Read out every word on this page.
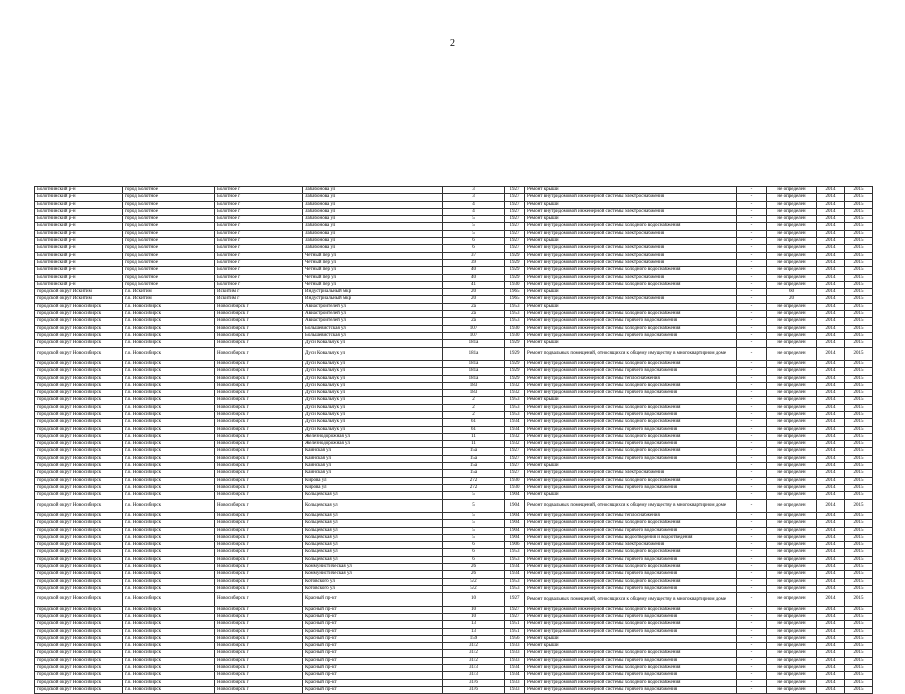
2
Болотнинский р-н	город Болотное	Болотное г	Забабонова ул	3	1927	Ремонт крыши	-	не определен	2014	2015
Болотнинский р-н	город Болотное	Болотное г	Забабонова ул	3	1927	Ремонт внутридомовой инженерной системы электроснабжения	-	не определен	2014	2015
Болотнинский р-н	город Болотное	Болотное г	Забабонова ул	4	1927	Ремонт крыши	-	не определен	2014	2015
Болотнинский р-н	город Болотное	Болотное г	Забабонова ул	4	1927	Ремонт внутридомовой инженерной системы электроснабжения	-	не определен	2014	2015
Болотнинский р-н	город Болотное	Болотное г	Забабонова ул	5	1927	Ремонт крыши	-	не определен	2014	2015
Болотнинский р-н	город Болотное	Болотное г	Забабонова ул	5	1927	Ремонт внутридомовой инженерной системы холодного водоснабжения	-	не определен	2014	2015
Болотнинский р-н	город Болотное	Болотное г	Забабонова ул	5	1927	Ремонт внутридомовой инженерной системы электроснабжения	-	не определен	2014	2015
Болотнинский р-н	город Болотное	Болотное г	Забабонова ул	6	1927	Ремонт крыши	-	не определен	2014	2015
Болотнинский р-н	город Болотное	Болотное г	Забабонова ул	6	1927	Ремонт внутридомовой инженерной системы электроснабжения	-	не определен	2014	2015
Болотнинский р-н	город Болотное	Болотное г	Четный пер ул	37	1929	Ремонт внутридомовой инженерной системы электроснабжения	-	не определен	2014	2015
Болотнинский р-н	город Болотное	Болотное г	Четный пер ул	39	1929	Ремонт внутридомовой инженерной системы электроснабжения	-	не определен	2014	2015
Болотнинский р-н	город Болотное	Болотное г	Четный пер ул	40	1929	Ремонт внутридомовой инженерной системы холодного водоснабжения	-	не определен	2014	2015
Болотнинский р-н	город Болотное	Болотное г	Четный пер ул	40	1929	Ремонт внутридомовой инженерной системы электроснабжения	-	не определен	2014	2015
Болотнинский р-н	город Болотное	Болотное г	Четный пер ул	41	1930	Ремонт внутридомовой инженерной системы холодного водоснабжения	-	не определен	2014	2015
городской округ Искитим	г.о. Искитим	Искитим г	Индустриальный мкр	20	1965	Ремонт крыши	-	60	2014	2015
городской округ Искитим	г.о. Искитим	Искитим г	Индустриальный мкр	20	1965	Ремонт внутридомовой инженерной системы электроснабжения	-	20	2014	2015
городской округ Новосибирск	г.о. Новосибирск	Новосибирск г	Авиастроителей ул	2а	1953	Ремонт крыши	-	не определен	2014	2015
городской округ Новосибирск	г.о. Новосибирск	Новосибирск г	Авиастроителей ул	2а	1953	Ремонт внутридомовой инженерной системы холодного водоснабжения	-	не определен	2014	2015
городской округ Новосибирск	г.о. Новосибирск	Новосибирск г	Авиастроителей ул	2а	1953	Ремонт внутридомовой инженерной системы горячего водоснабжения	-	не определен	2014	2015
городской округ Новосибирск	г.о. Новосибирск	Новосибирск г	Большевистская ул	107	1930	Ремонт внутридомовой инженерной системы холодного водоснабжения	-	не определен	2014	2015
городской округ Новосибирск	г.о. Новосибирск	Новосибирск г	Большевистская ул	107	1930	Ремонт внутридомовой инженерной системы горячего водоснабжения	-	не определен	2014	2015
городской округ Новосибирск	г.о. Новосибирск	Новосибирск г	Дуси Ковальчук ул	181а	1929	Ремонт крыши	-	не определен	2014	2015
городской округ Новосибирск	г.о. Новосибирск	Новосибирск г	Дуси Ковальчук ул	181а	1929	Ремонт подвальных помещений, относящихся к общему имуществу в многоквартирном доме	-	не определен	2014	2015
городской округ Новосибирск	г.о. Новосибирск	Новосибирск г	Дуси Ковальчук ул	181а	1929	Ремонт внутридомовой инженерной системы холодного водоснабжения	-	не определен	2014	2015
городской округ Новосибирск	г.о. Новосибирск	Новосибирск г	Дуси Ковальчук ул	181а	1929	Ремонт внутридомовой инженерной системы горячего водоснабжения	-	не определен	2014	2015
городской округ Новосибирск	г.о. Новосибирск	Новосибирск г	Дуси Ковальчук ул	181а	1929	Ремонт внутридомовой инженерной системы теплоснабжения	-	не определен	2014	2015
городской округ Новосибирск	г.о. Новосибирск	Новосибирск г	Дуси Ковальчук ул	183	1932	Ремонт внутридомовой инженерной системы холодного водоснабжения	-	не определен	2014	2015
городской округ Новосибирск	г.о. Новосибирск	Новосибирск г	Дуси Ковальчук ул	183	1932	Ремонт внутридомовой инженерной системы горячего водоснабжения	-	не определен	2014	2015
городской округ Новосибирск	г.о. Новосибирск	Новосибирск г	Дуси Ковальчук ул	2	1953	Ремонт крыши	-	не определен	2014	2015
городской округ Новосибирск	г.о. Новосибирск	Новосибирск г	Дуси Ковальчук ул	2	1953	Ремонт внутридомовой инженерной системы холодного водоснабжения	-	не определен	2014	2015
городской округ Новосибирск	г.о. Новосибирск	Новосибирск г	Дуси Ковальчук ул	2	1953	Ремонт внутридомовой инженерной системы горячего водоснабжения	-	не определен	2014	2015
городской округ Новосибирск	г.о. Новосибирск	Новосибирск г	Дуси Ковальчук ул	61	1934	Ремонт внутридомовой инженерной системы холодного водоснабжения	-	не определен	2014	2015
городской округ Новосибирск	г.о. Новосибирск	Новосибирск г	Дуси Ковальчук ул	61	1934	Ремонт внутридомовой инженерной системы горячего водоснабжения	-	не определен	2014	2015
городской округ Новосибирск	г.о. Новосибирск	Новосибирск г	Железнодорожная ул	11	1932	Ремонт внутридомовой инженерной системы холодного водоснабжения	-	не определен	2014	2015
городской округ Новосибирск	г.о. Новосибирск	Новосибирск г	Железнодорожная ул	11	1932	Ремонт внутридомовой инженерной системы горячего водоснабжения	-	не определен	2014	2015
городской округ Новосибирск	г.о. Новосибирск	Новосибирск г	Каинская ул	15а	1927	Ремонт внутридомовой инженерной системы холодного водоснабжения	-	не определен	2014	2015
городской округ Новосибирск	г.о. Новосибирск	Новосибирск г	Каинская ул	15а	1927	Ремонт внутридомовой инженерной системы горячего водоснабжения	-	не определен	2014	2015
городской округ Новосибирск	г.о. Новосибирск	Новосибирск г	Каинская ул	15а	1927	Ремонт крыши	-	не определен	2014	2015
городской округ Новосибирск	г.о. Новосибирск	Новосибирск г	Каинская ул	15а	1927	Ремонт внутридомовой инженерной системы электроснабжения	-	не определен	2014	2015
городской округ Новосибирск	г.о. Новосибирск	Новосибирск г	Кирова ул	272	1930	Ремонт внутридомовой инженерной системы холодного водоснабжения	-	не определен	2014	2015
городской округ Новосибирск	г.о. Новосибирск	Новосибирск г	Кирова ул	272	1930	Ремонт внутридомовой инженерной системы горячего водоснабжения	-	не определен	2014	2015
городской округ Новосибирск	г.о. Новосибирск	Новосибирск г	Кольцевская ул	5	1904	Ремонт крыши	-	не определен	2014	2015
городской округ Новосибирск	г.о. Новосибирск	Новосибирск г	Кольцевская ул	5	1904	Ремонт подвальных помещений, относящихся к общему имуществу в многоквартирном доме	-	не определен	2014	2015
городской округ Новосибирск	г.о. Новосибирск	Новосибирск г	Кольцевская ул	5	1904	Ремонт внутридомовой инженерной системы теплоснабжения	-	не определен	2014	2015
городской округ Новосибирск	г.о. Новосибирск	Новосибирск г	Кольцевская ул	5	1904	Ремонт внутридомовой инженерной системы холодного водоснабжения	-	не определен	2014	2015
городской округ Новосибирск	г.о. Новосибирск	Новосибирск г	Кольцевская ул	5	1904	Ремонт внутридомовой инженерной системы горячего водоснабжения	-	не определен	2014	2015
городской округ Новосибирск	г.о. Новосибирск	Новосибирск г	Кольцевская ул	5	1904	Ремонт внутридомовой инженерной системы водоотведения и водоотведения	-	не определен	2014	2015
городской округ Новосибирск	г.о. Новосибирск	Новосибирск г	Кольцевская ул	6	1906	Ремонт внутридомовой инженерной системы электроснабжения	-	не определен	2014	2015
городской округ Новосибирск	г.о. Новосибирск	Новосибирск г	Кольцевская ул	6	1953	Ремонт внутридомовой инженерной системы холодного водоснабжения	-	не определен	2014	2015
городской округ Новосибирск	г.о. Новосибирск	Новосибирск г	Кольцевская ул	6	1953	Ремонт внутридомовой инженерной системы горячего водоснабжения	-	не определен	2014	2015
городской округ Новосибирск	г.о. Новосибирск	Новосибирск г	Коммунистическая ул	26	1934	Ремонт внутридомовой инженерной системы холодного водоснабжения	-	не определен	2014	2015
городской округ Новосибирск	г.о. Новосибирск	Новосибирск г	Коммунистическая ул	26	1934	Ремонт внутридомовой инженерной системы горячего водоснабжения	-	не определен	2014	2015
городской округ Новосибирск	г.о. Новосибирск	Новосибирск г	Котовского ул	5/2	1953	Ремонт внутридомовой инженерной системы холодного водоснабжения	-	не определен	2014	2015
городской округ Новосибирск	г.о. Новосибирск	Новосибирск г	Котовского ул	5/2	1953	Ремонт внутридомовой инженерной системы горячего водоснабжения	-	не определен	2014	2015
городской округ Новосибирск	г.о. Новосибирск	Новосибирск г	Красный пр-кт	10	1927	Ремонт подвальных помещений, относящихся к общему имуществу в многоквартирном доме	-	не определен	2014	2015
городской округ Новосибирск	г.о. Новосибирск	Новосибирск г	Красный пр-кт	10	1927	Ремонт внутридомовой инженерной системы холодного водоснабжения	-	не определен	2014	2015
городской округ Новосибирск	г.о. Новосибирск	Новосибирск г	Красный пр-кт	10	1927	Ремонт внутридомовой инженерной системы горячего водоснабжения	-	не определен	2014	2015
городской округ Новосибирск	г.о. Новосибирск	Новосибирск г	Красный пр-кт	13	1951	Ремонт внутридомовой инженерной системы холодного водоснабжения	-	не определен	2014	2015
городской округ Новосибирск	г.о. Новосибирск	Новосибирск г	Красный пр-кт	13	1951	Ремонт внутридомовой инженерной системы горячего водоснабжения	-	не определен	2014	2015
городской округ Новосибирск	г.о. Новосибирск	Новосибирск г	Красный пр-кт	159	1956	Ремонт крыши	-	не определен	2014	2015
городской округ Новосибирск	г.о. Новосибирск	Новосибирск г	Красный пр-кт	31/2	1933	Ремонт крыши	-	не определен	2014	2015
городской округ Новосибирск	г.о. Новосибирск	Новосибирск г	Красный пр-кт	31/2	1933	Ремонт внутридомовой инженерной системы холодного водоснабжения	-	не определен	2014	2015
городской округ Новосибирск	г.о. Новосибирск	Новосибирск г	Красный пр-кт	31/2	1933	Ремонт внутридомовой инженерной системы горячего водоснабжения	-	не определен	2014	2015
городской округ Новосибирск	г.о. Новосибирск	Новосибирск г	Красный пр-кт	31/3	1934	Ремонт внутридомовой инженерной системы холодного водоснабжения	-	не определен	2014	2015
городской округ Новосибирск	г.о. Новосибирск	Новосибирск г	Красный пр-кт	31/3	1934	Ремонт внутридомовой инженерной системы горячего водоснабжения	-	не определен	2014	2015
городской округ Новосибирск	г.о. Новосибирск	Новосибирск г	Красный пр-кт	31/6	1933	Ремонт внутридомовой инженерной системы холодного водоснабжения	-	не определен	2014	2015
городской округ Новосибирск	г.о. Новосибирск	Новосибирск г	Красный пр-кт	31/6	1933	Ремонт внутридомовой инженерной системы горячего водоснабжения	-	не определен	2014	2015
